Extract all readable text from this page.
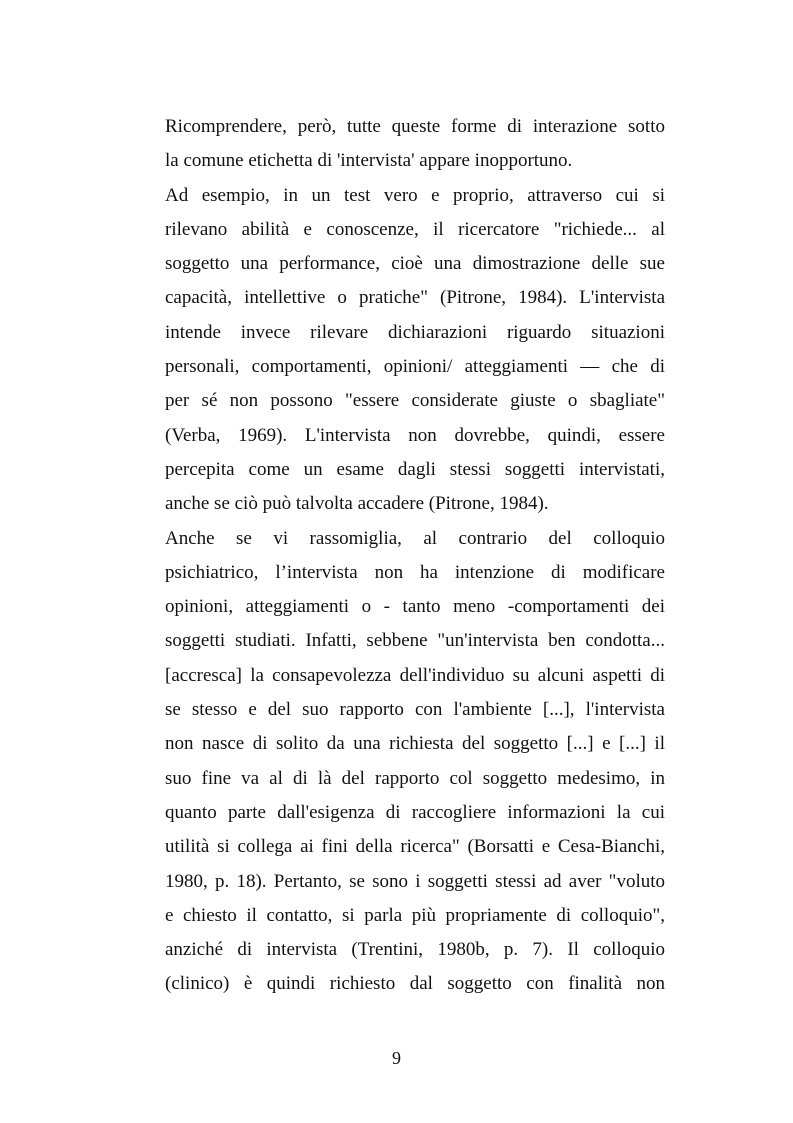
Ricomprendere, però, tutte queste forme di interazione sotto
la comune etichetta di 'intervista' appare inopportuno.
Ad esempio, in un test vero e proprio, attraverso cui si
rilevano abilità e conoscenze, il ricercatore "richiede... al
soggetto una performance, cioè una dimostrazione delle sue
capacità, intellettive o pratiche" (Pitrone, 1984). L'intervista
intende invece rilevare dichiarazioni riguardo situazioni
personali, comportamenti, opinioni/ atteggiamenti — che di
per sé non possono "essere considerate giuste o sbagliate"
(Verba, 1969). L'intervista non dovrebbe, quindi, essere
percepita come un esame dagli stessi soggetti intervistati,
anche se ciò può talvolta accadere (Pitrone, 1984).
Anche se vi rassomiglia, al contrario del colloquio
psichiatrico, l’intervista non ha intenzione di modificare
opinioni, atteggiamenti o - tanto meno -comportamenti dei
soggetti studiati. Infatti, sebbene "un'intervista ben condotta...
[accresca] la consapevolezza dell'individuo su alcuni aspetti di
se stesso e del suo rapporto con l'ambiente [...], l'intervista
non nasce di solito da una richiesta del soggetto [...] e [...] il
suo fine va al di là del rapporto col soggetto medesimo, in
quanto parte dall'esigenza di raccogliere informazioni la cui
utilità si collega ai fini della ricerca" (Borsatti e Cesa-Bianchi,
1980, p. 18). Pertanto, se sono i soggetti stessi ad aver "voluto
e chiesto il contatto, si parla più propriamente di colloquio",
anziché di intervista (Trentini, 1980b, p. 7). Il colloquio
(clinico) è quindi richiesto dal soggetto con finalità non
9
